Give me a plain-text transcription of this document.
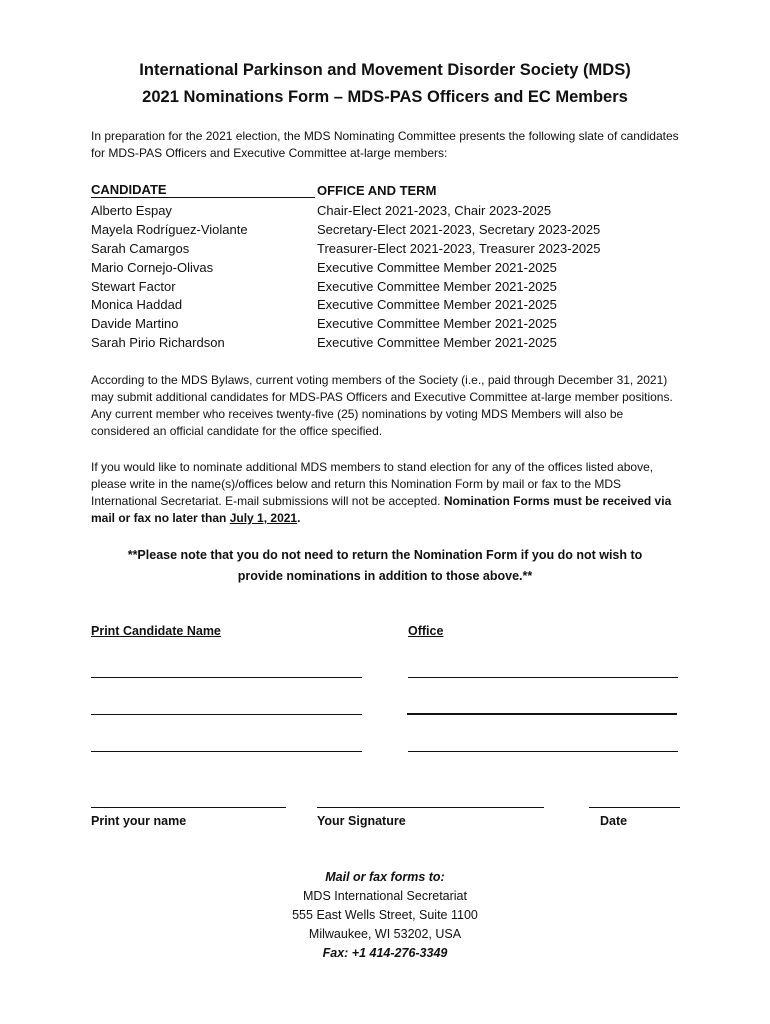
International Parkinson and Movement Disorder Society (MDS)
2021 Nominations Form – MDS-PAS Officers and EC Members
In preparation for the 2021 election, the MDS Nominating Committee presents the following slate of candidates for MDS-PAS Officers and Executive Committee at-large members:
CANDIDATE	OFFICE AND TERM
Alberto Espay	Chair-Elect 2021-2023, Chair 2023-2025
Mayela Rodríguez-Violante	Secretary-Elect 2021-2023, Secretary 2023-2025
Sarah Camargos	Treasurer-Elect 2021-2023, Treasurer 2023-2025
Mario Cornejo-Olivas	Executive Committee Member 2021-2025
Stewart Factor	Executive Committee Member 2021-2025
Monica Haddad	Executive Committee Member 2021-2025
Davide Martino	Executive Committee Member 2021-2025
Sarah Pirio Richardson	Executive Committee Member 2021-2025
According to the MDS Bylaws, current voting members of the Society (i.e., paid through December 31, 2021) may submit additional candidates for MDS-PAS Officers and Executive Committee at-large member positions. Any current member who receives twenty-five (25) nominations by voting MDS Members will also be considered an official candidate for the office specified.
If you would like to nominate additional MDS members to stand election for any of the offices listed above, please write in the name(s)/offices below and return this Nomination Form by mail or fax to the MDS International Secretariat. E-mail submissions will not be accepted. Nomination Forms must be received via mail or fax no later than July 1, 2021.
**Please note that you do not need to return the Nomination Form if you do not wish to
provide nominations in addition to those above.**
Print Candidate Name	Office
Print your name	Your Signature	Date
Mail or fax forms to:
MDS International Secretariat
555 East Wells Street, Suite 1100
Milwaukee, WI 53202, USA
Fax: +1 414-276-3349
